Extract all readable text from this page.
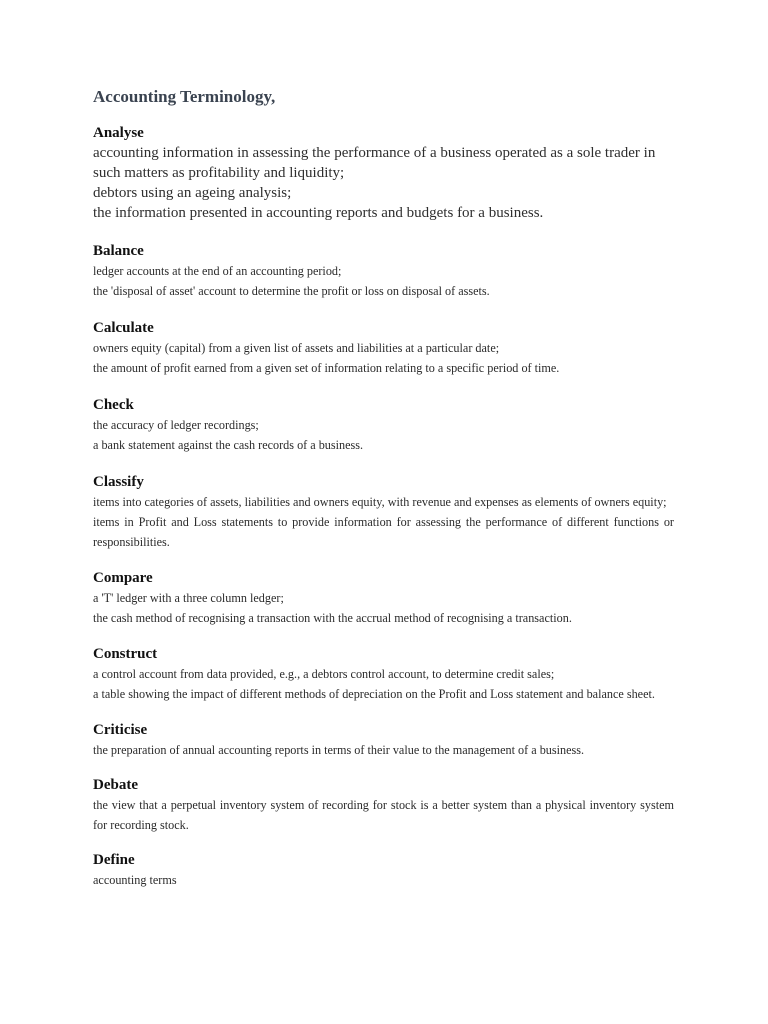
Accounting Terminology,
Analyse
accounting information in assessing the performance of a business operated as a sole trader in such matters as profitability and liquidity;
debtors using an ageing analysis;
the information presented in accounting reports and budgets for a business.
Balance
ledger accounts at the end of an accounting period;
the 'disposal of asset' account to determine the profit or loss on disposal of assets.
Calculate
owners equity (capital) from a given list of assets and liabilities at a particular date;
the amount of profit earned from a given set of information relating to a specific period of time.
Check
the accuracy of ledger recordings;
a bank statement against the cash records of a business.
Classify
items into categories of assets, liabilities and owners equity, with revenue and expenses as elements of owners equity;
items in Profit and Loss statements to provide information for assessing the performance of different functions or responsibilities.
Compare
a 'T' ledger with a three column ledger;
the cash method of recognising a transaction with the accrual method of recognising a transaction.
Construct
a control account from data provided, e.g., a debtors control account, to determine credit sales;
a table showing the impact of different methods of depreciation on the Profit and Loss statement and balance sheet.
Criticise
the preparation of annual accounting reports in terms of their value to the management of a business.
Debate
the view that a perpetual inventory system of recording for stock is a better system than a physical inventory system for recording stock.
Define
accounting terms
